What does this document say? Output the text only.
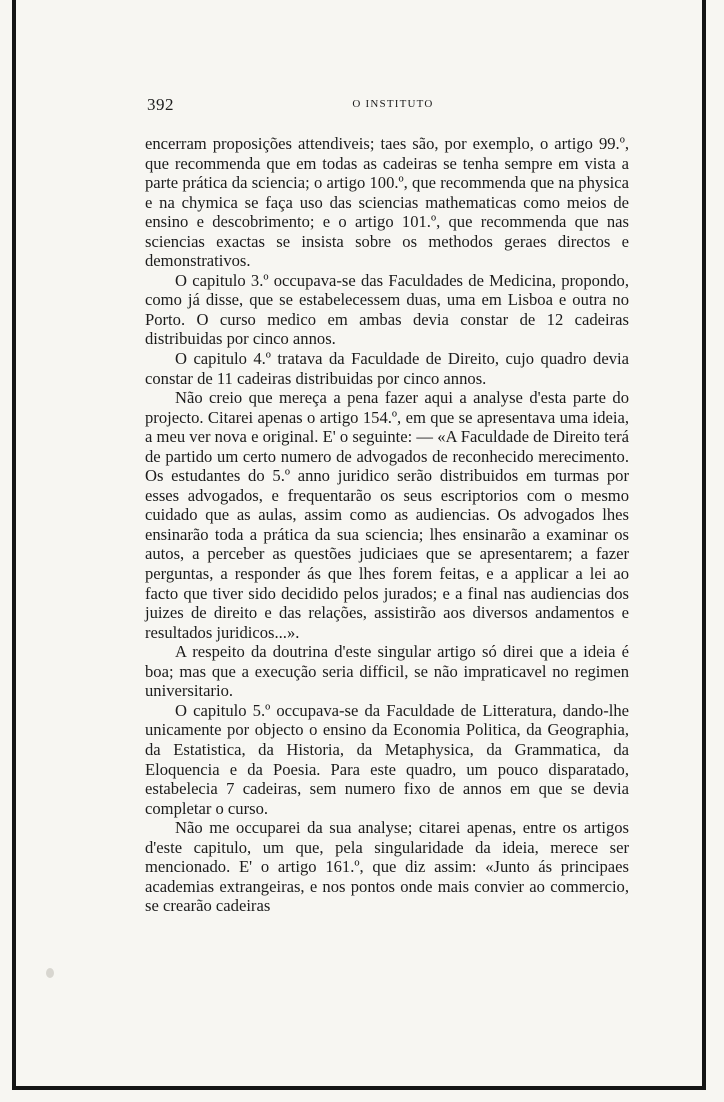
392	O INSTITUTO

encerram proposições attendiveis; taes são, por exemplo, o artigo 99.º, que recommenda que em todas as cadeiras se tenha sempre em vista a parte prática da sciencia; o artigo 100.º, que recommenda que na physica e na chymica se faça uso das sciencias mathematicas como meios de ensino e descobrimento; e o artigo 101.º, que recommenda que nas sciencias exactas se insista sobre os methodos geraes directos e demonstrativos.

O capitulo 3.º occupava-se das Faculdades de Medicina, propondo, como já disse, que se estabelecessem duas, uma em Lisboa e outra no Porto. O curso medico em ambas devia constar de 12 cadeiras distribuidas por cinco annos.

O capitulo 4.º tratava da Faculdade de Direito, cujo quadro devia constar de 11 cadeiras distribuidas por cinco annos.

Não creio que mereça a pena fazer aqui a analyse d'esta parte do projecto. Citarei apenas o artigo 154.º, em que se apresentava uma ideia, a meu ver nova e original. E' o seguinte: — «A Faculdade de Direito terá de partido um certo numero de advogados de reconhecido merecimento. Os estudantes do 5.º anno juridico serão distribuidos em turmas por esses advogados, e frequentarão os seus escriptorios com o mesmo cuidado que as aulas, assim como as audiencias. Os advogados lhes ensinarão toda a prática da sua sciencia; lhes ensinarão a examinar os autos, a perceber as questões judiciaes que se apresentarem; a fazer perguntas, a responder ás que lhes forem feitas, e a applicar a lei ao facto que tiver sido decidido pelos jurados; e a final nas audiencias dos juizes de direito e das relações, assistirão aos diversos andamentos e resultados juridicos...».

A respeito da doutrina d'este singular artigo só direi que a ideia é boa; mas que a execução seria difficil, se não impraticavel no regimen universitario.

O capitulo 5.º occupava-se da Faculdade de Litteratura, dando-lhe unicamente por objecto o ensino da Economia Politica, da Geographia, da Estatistica, da Historia, da Metaphysica, da Grammatica, da Eloquencia e da Poesia. Para este quadro, um pouco disparatado, estabelecia 7 cadeiras, sem numero fixo de annos em que se devia completar o curso.

Não me occuparei da sua analyse; citarei apenas, entre os artigos d'este capitulo, um que, pela singularidade da ideia, merece ser mencionado. E' o artigo 161.º, que diz assim: «Junto ás principaes academias extrangeiras, e nos pontos onde mais convier ao commercio, se crearão cadeiras
